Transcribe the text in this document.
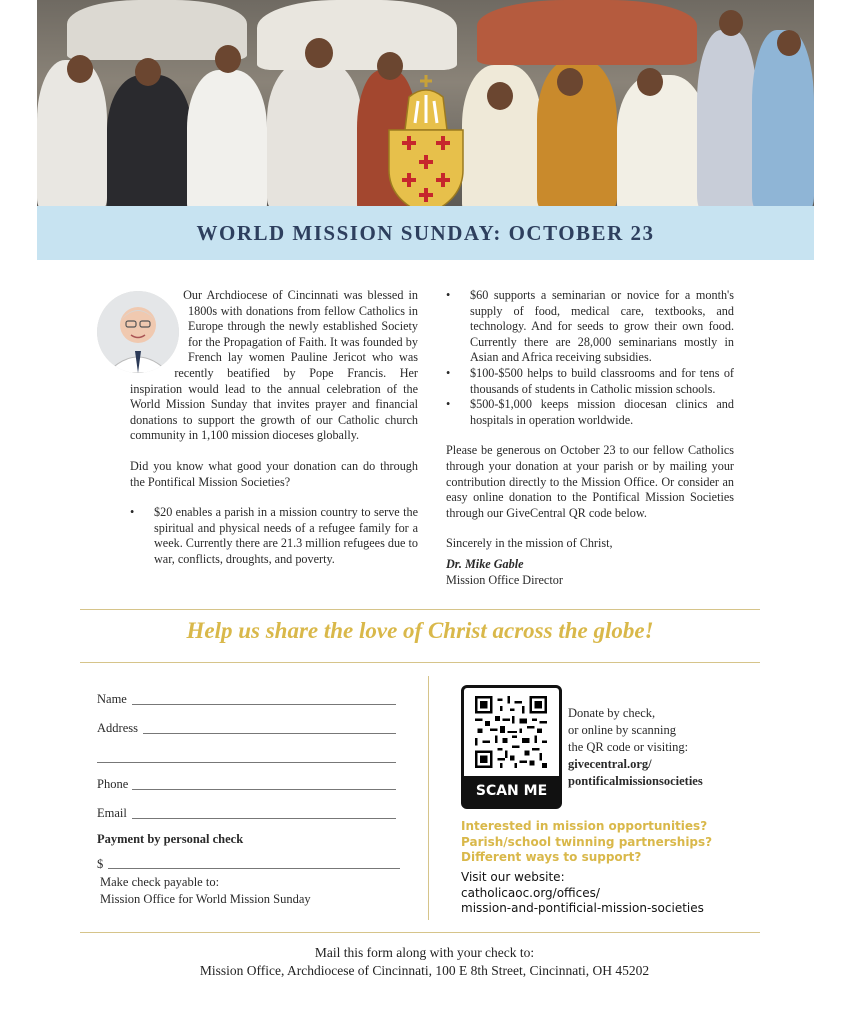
WORLD MISSION SUNDAY: OCTOBER 23

Our Archdiocese of Cincinnati was blessed in 1800s with donations from fellow Catholics in Europe through the newly established Society for the Propagation of Faith. It was founded by French lay women Pauline Jericot who was recently beatified by Pope Francis. Her inspiration would lead to the annual celebration of the World Mission Sunday that invites prayer and financial donations to support the growth of our Catholic church community in 1,100 mission dioceses globally.

Did you know what good your donation can do through the Pontifical Mission Societies?

• $20 enables a parish in a mission country to serve the spiritual and physical needs of a refugee family for a week. Currently there are 21.3 million refugees due to war, conflicts, droughts, and poverty.
• $60 supports a seminarian or novice for a month's supply of food, medical care, textbooks, and technology. And for seeds to grow their own food. Currently there are 28,000 seminarians mostly in Asian and Africa receiving subsidies.
• $100-$500 helps to build classrooms and for tens of thousands of students in Catholic mission schools.
• $500-$1,000 keeps mission diocesan clinics and hospitals in operation worldwide.

Please be generous on October 23 to our fellow Catholics through your donation at your parish or by mailing your contribution directly to the Mission Office. Or consider an easy online donation to the Pontifical Mission Societies through our GiveCentral QR code below.

Sincerely in the mission of Christ,

Dr. Mike Gable
Mission Office Director
Help us share the love of Christ across the globe!
Name
Address
Phone
Email
Payment by personal check
$
Make check payable to:
Mission Office for World Mission Sunday
SCAN ME
Donate by check,
or online by scanning
the QR code or visiting:
givecentral.org/
pontificalmissionsocieties
Interested in mission opportunities?
Parish/school twinning partnerships?
Different ways to support?
Visit our website:
catholicaoc.org/offices/
mission-and-pontificial-mission-societies
Mail this form along with your check to:
Mission Office, Archdiocese of Cincinnati, 100 E 8th Street, Cincinnati, OH 45202
